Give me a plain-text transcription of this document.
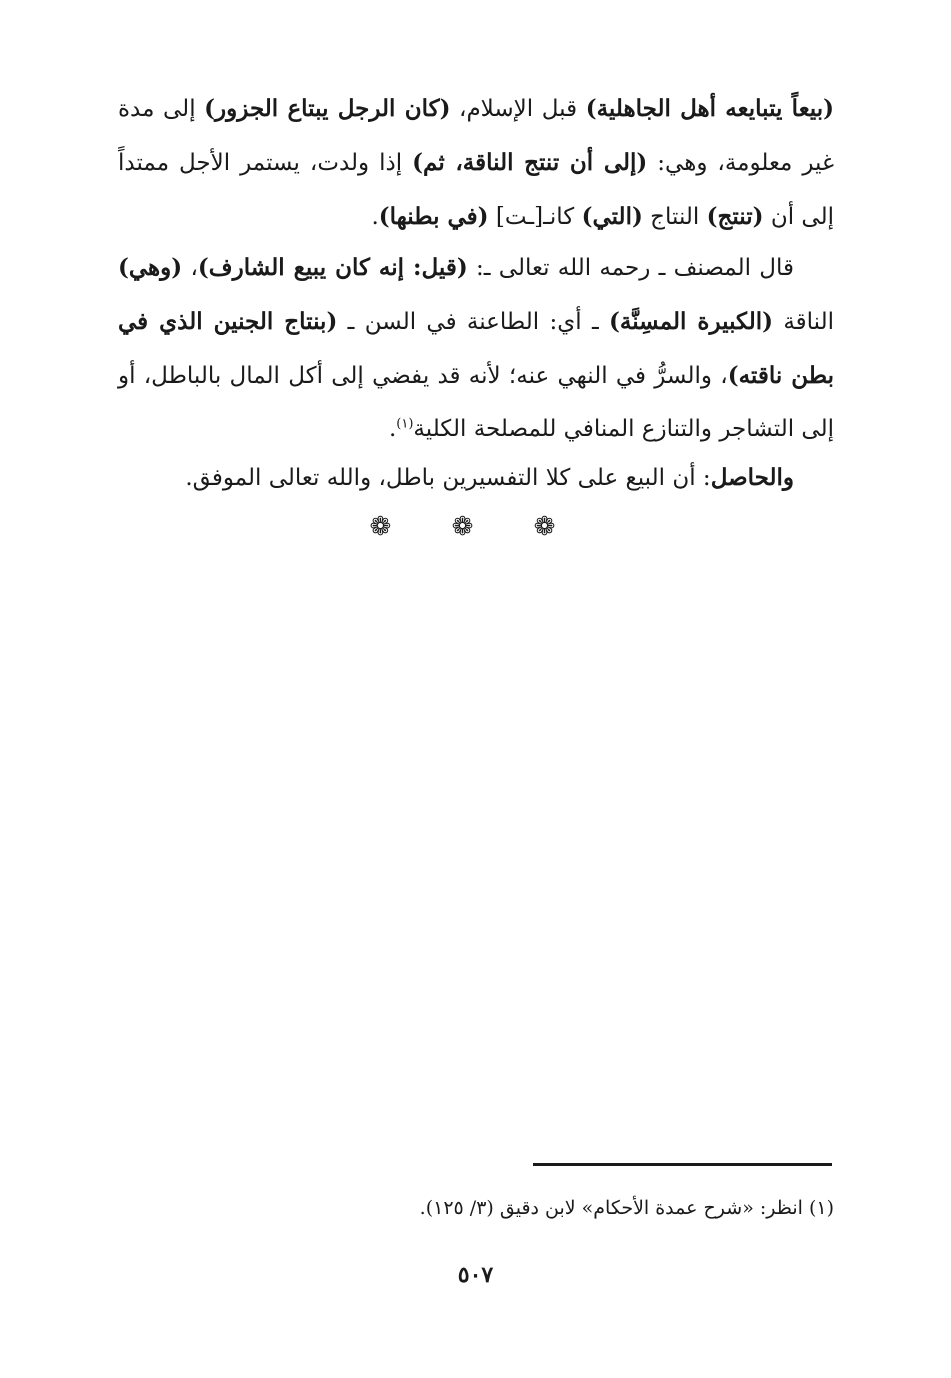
(بيعاً يتبايعه أهل الجاهلية) قبل الإسلام، (كان الرجل يبتاع الجزور) إلى مدة غير معلومة، وهي: (إلى أن تنتج الناقة، ثم) إذا ولدت، يستمر الأجل ممتداً إلى أن (تنتج) النتاج (التي) كانـ[ـت] (في بطنها).

قال المصنف ـ رحمه الله تعالى ـ: (قيل: إنه كان يبيع الشارف)، (وهي) الناقة (الكبيرة المسِنَّة) ـ أي: الطاعنة في السن ـ (بنتاج الجنين الذي في بطن ناقته)، والسرُّ في النهي عنه؛ لأنه قد يفضي إلى أكل المال بالباطل، أو إلى التشاجر والتنازع المنافي للمصلحة الكلية$^{(١)}$.

والحاصل: أن البيع على كلا التفسيرين باطل، والله تعالى الموفق.

❁ ❁ ❁
(١) انظر: «شرح عمدة الأحكام» لابن دقيق (٣/ ١٢٥).
٥٠٧
